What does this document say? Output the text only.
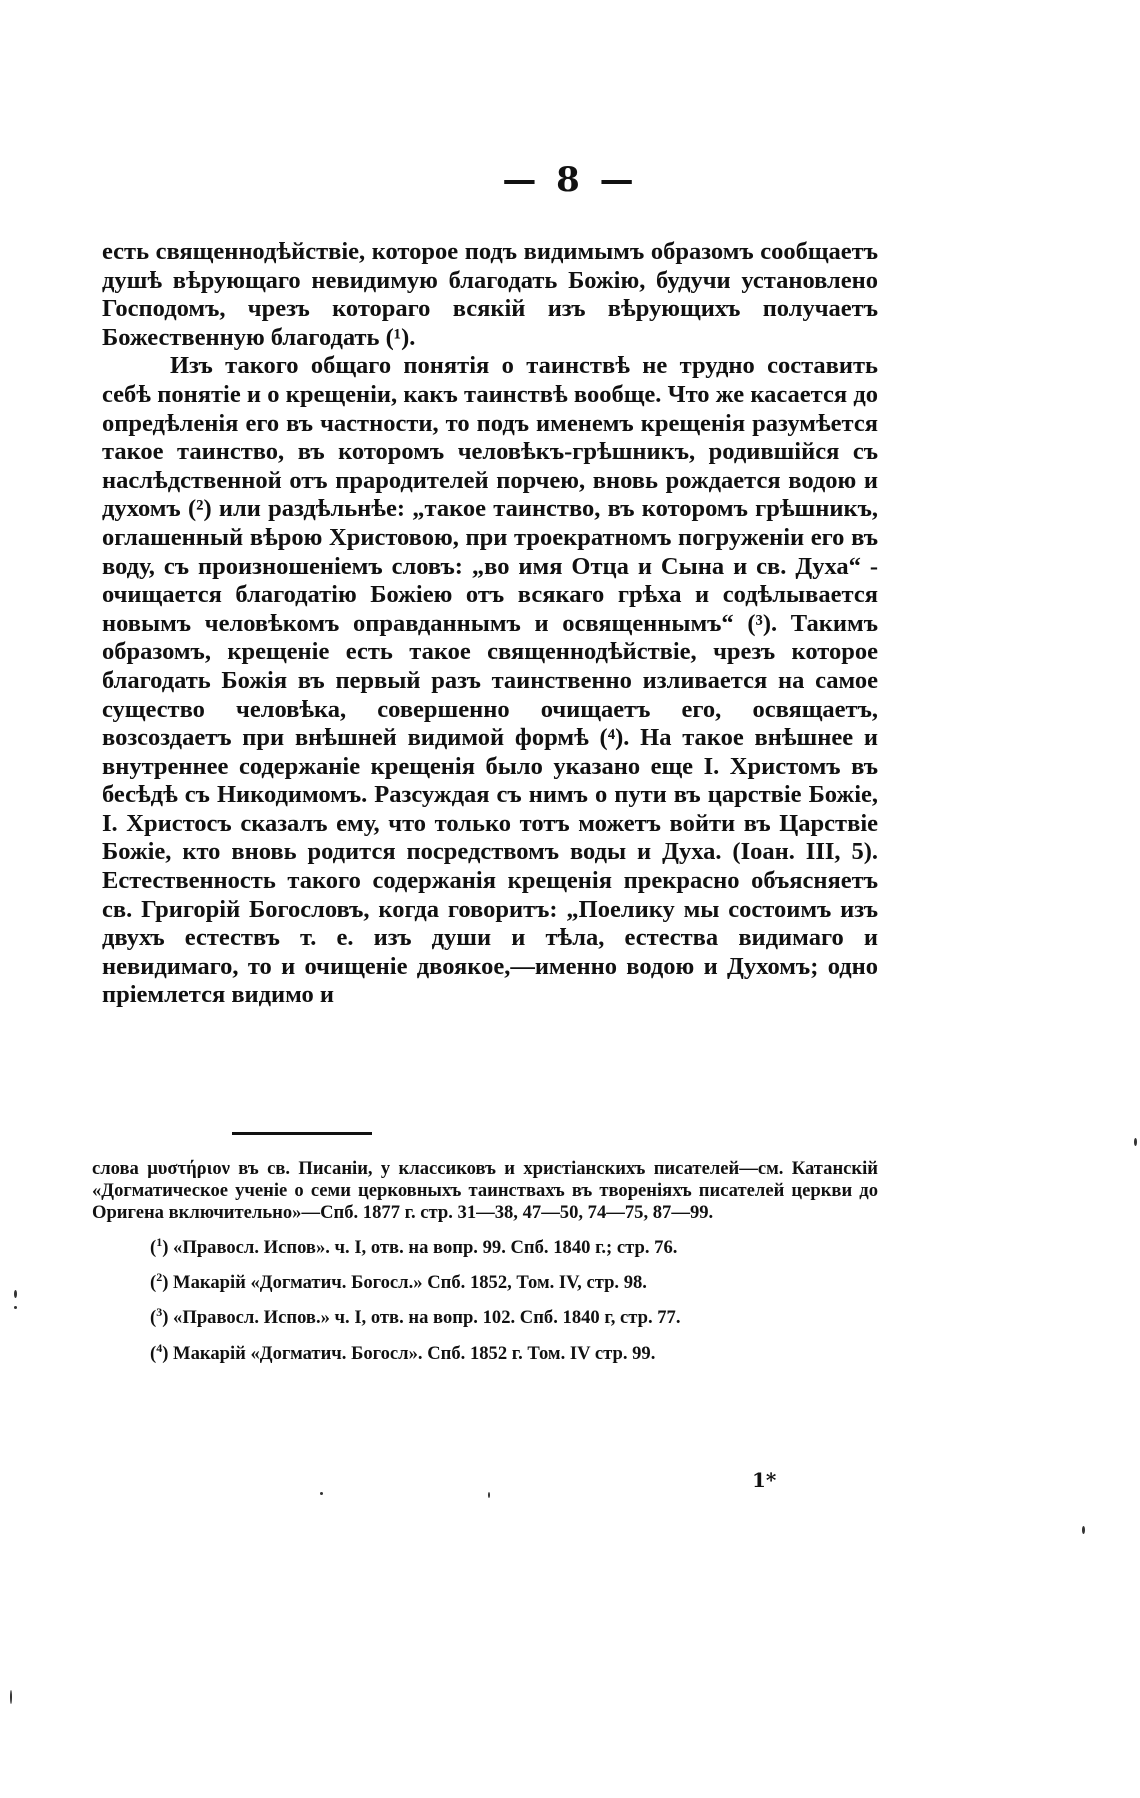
— 8 —

есть священнодѣйствіе, которое подъ видимымъ образомъ сообщаетъ душѣ вѣрующаго невидимую благодать Божію, будучи установлено Господомъ, чрезъ котораго всякій изъ вѣрующихъ получаетъ Божественную благодать (¹).

Изъ такого общаго понятія о таинствѣ не трудно составить себѣ понятіе и о крещеніи, какъ таинствѣ вообще. Что же касается до опредѣленія его въ частности, то подъ именемъ крещенія разумѣется такое таинство, въ которомъ человѣкъ-грѣшникъ, родившійся съ наслѣдственной отъ прародителей порчею, вновь рождается водою и духомъ (²) или раздѣльнѣе: „такое таинство, въ которомъ грѣшникъ, оглашенный вѣрою Христовою, при троекратномъ погруженіи его въ воду, съ произношеніемъ словъ: „во имя Отца и Сына и св. Духа“ - очищается благодатію Божіею отъ всякаго грѣха и содѣлывается новымъ человѣкомъ оправданнымъ и освященнымъ“ (³). Такимъ образомъ, крещеніе есть такое священнодѣйствіе, чрезъ которое благодать Божія въ первый разъ таинственно изливается на самое существо человѣка, совершенно очищаетъ его, освящаетъ, возсоздаетъ при внѣшней видимой формѣ (⁴). На такое внѣшнее и внутреннее содержаніе крещенія было указано еще І. Христомъ въ бесѣдѣ съ Никодимомъ. Разсуждая съ нимъ о пути въ царствіе Божіе, І. Христосъ сказалъ ему, что только тотъ можетъ войти въ Царствіе Божіе, кто вновь родится посредствомъ воды и Духа. (Іоан. III, 5). Естественность такого содержанія крещенія прекрасно объясняетъ св. Григорій Богословъ, когда говоритъ: „Поелику мы состоимъ изъ двухъ естествъ т. е. изъ души и тѣла, естества видимаго и невидимаго, то и очищеніе двоякое,—именно водою и Духомъ; одно пріемлется видимо и

слова μυστήριον въ св. Писаніи, у классиковъ и христіанскихъ писателей—см. Катанскій «Догматическое ученіе о семи церковныхъ таинствахъ въ твореніяхъ писателей церкви до Оригена включительно»—Спб. 1877 г. стр. 31—38, 47—50, 74—75, 87—99.

($^1$) «Правосл. Испов». ч. I, отв. на вопр. 99. Спб. 1840 г.; стр. 76.

($^2$) Макарій «Догматич. Богосл.» Спб. 1852, Том. IV, стр. 98.

($^3$) «Правосл. Испов.» ч. I, отв. на вопр. 102. Спб. 1840 г, стр. 77.

($^4$) Макарій «Догматич. Богосл». Спб. 1852 г. Том. IV стр. 99.

1*
